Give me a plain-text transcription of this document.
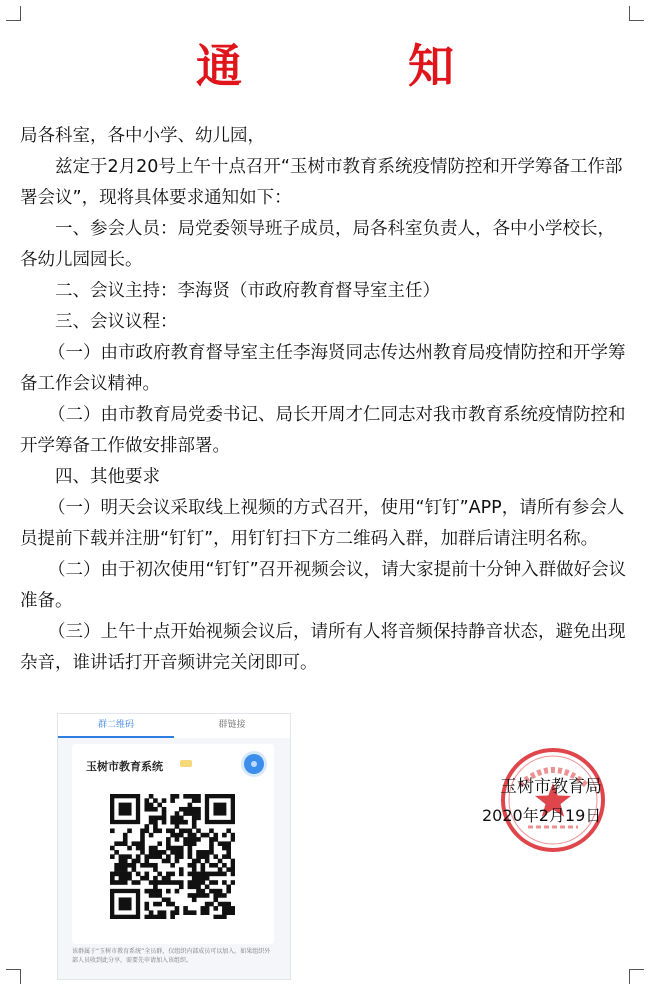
通　知

局各科室，各中小学、幼儿园，

兹定于2月20号上午十点召开“玉树市教育系统疫情防控和开学筹备工作部署会议”，现将具体要求通知如下：

一、参会人员：局党委领导班子成员，局各科室负责人，各中小学校长，各幼儿园园长。

二、会议主持：李海贤（市政府教育督导室主任）

三、会议议程：

（一）由市政府教育督导室主任李海贤同志传达州教育局疫情防控和开学筹备工作会议精神。

（二）由市教育局党委书记、局长开周才仁同志对我市教育系统疫情防控和开学筹备工作做安排部署。

四、其他要求

（一）明天会议采取线上视频的方式召开，使用“钉钉”APP，请所有参会人员提前下载并注册“钉钉”，用钉钉扫下方二维码入群，加群后请注明名称。

（二）由于初次使用“钉钉”召开视频会议，请大家提前十分钟入群做好会议准备。

（三）上午十点开始视频会议后，请所有人将音频保持静音状态，避免出现杂音，谁讲话打开音频讲完关闭即可。

群二维码	群链接
玉树市教育系统
该群属于“玉树市教育系统”全员群，仅组织内部成员可以加入。如果组织外部人员收到此分享，需要先申请加入该组织。
玉树市教育局
2020年2月19日
